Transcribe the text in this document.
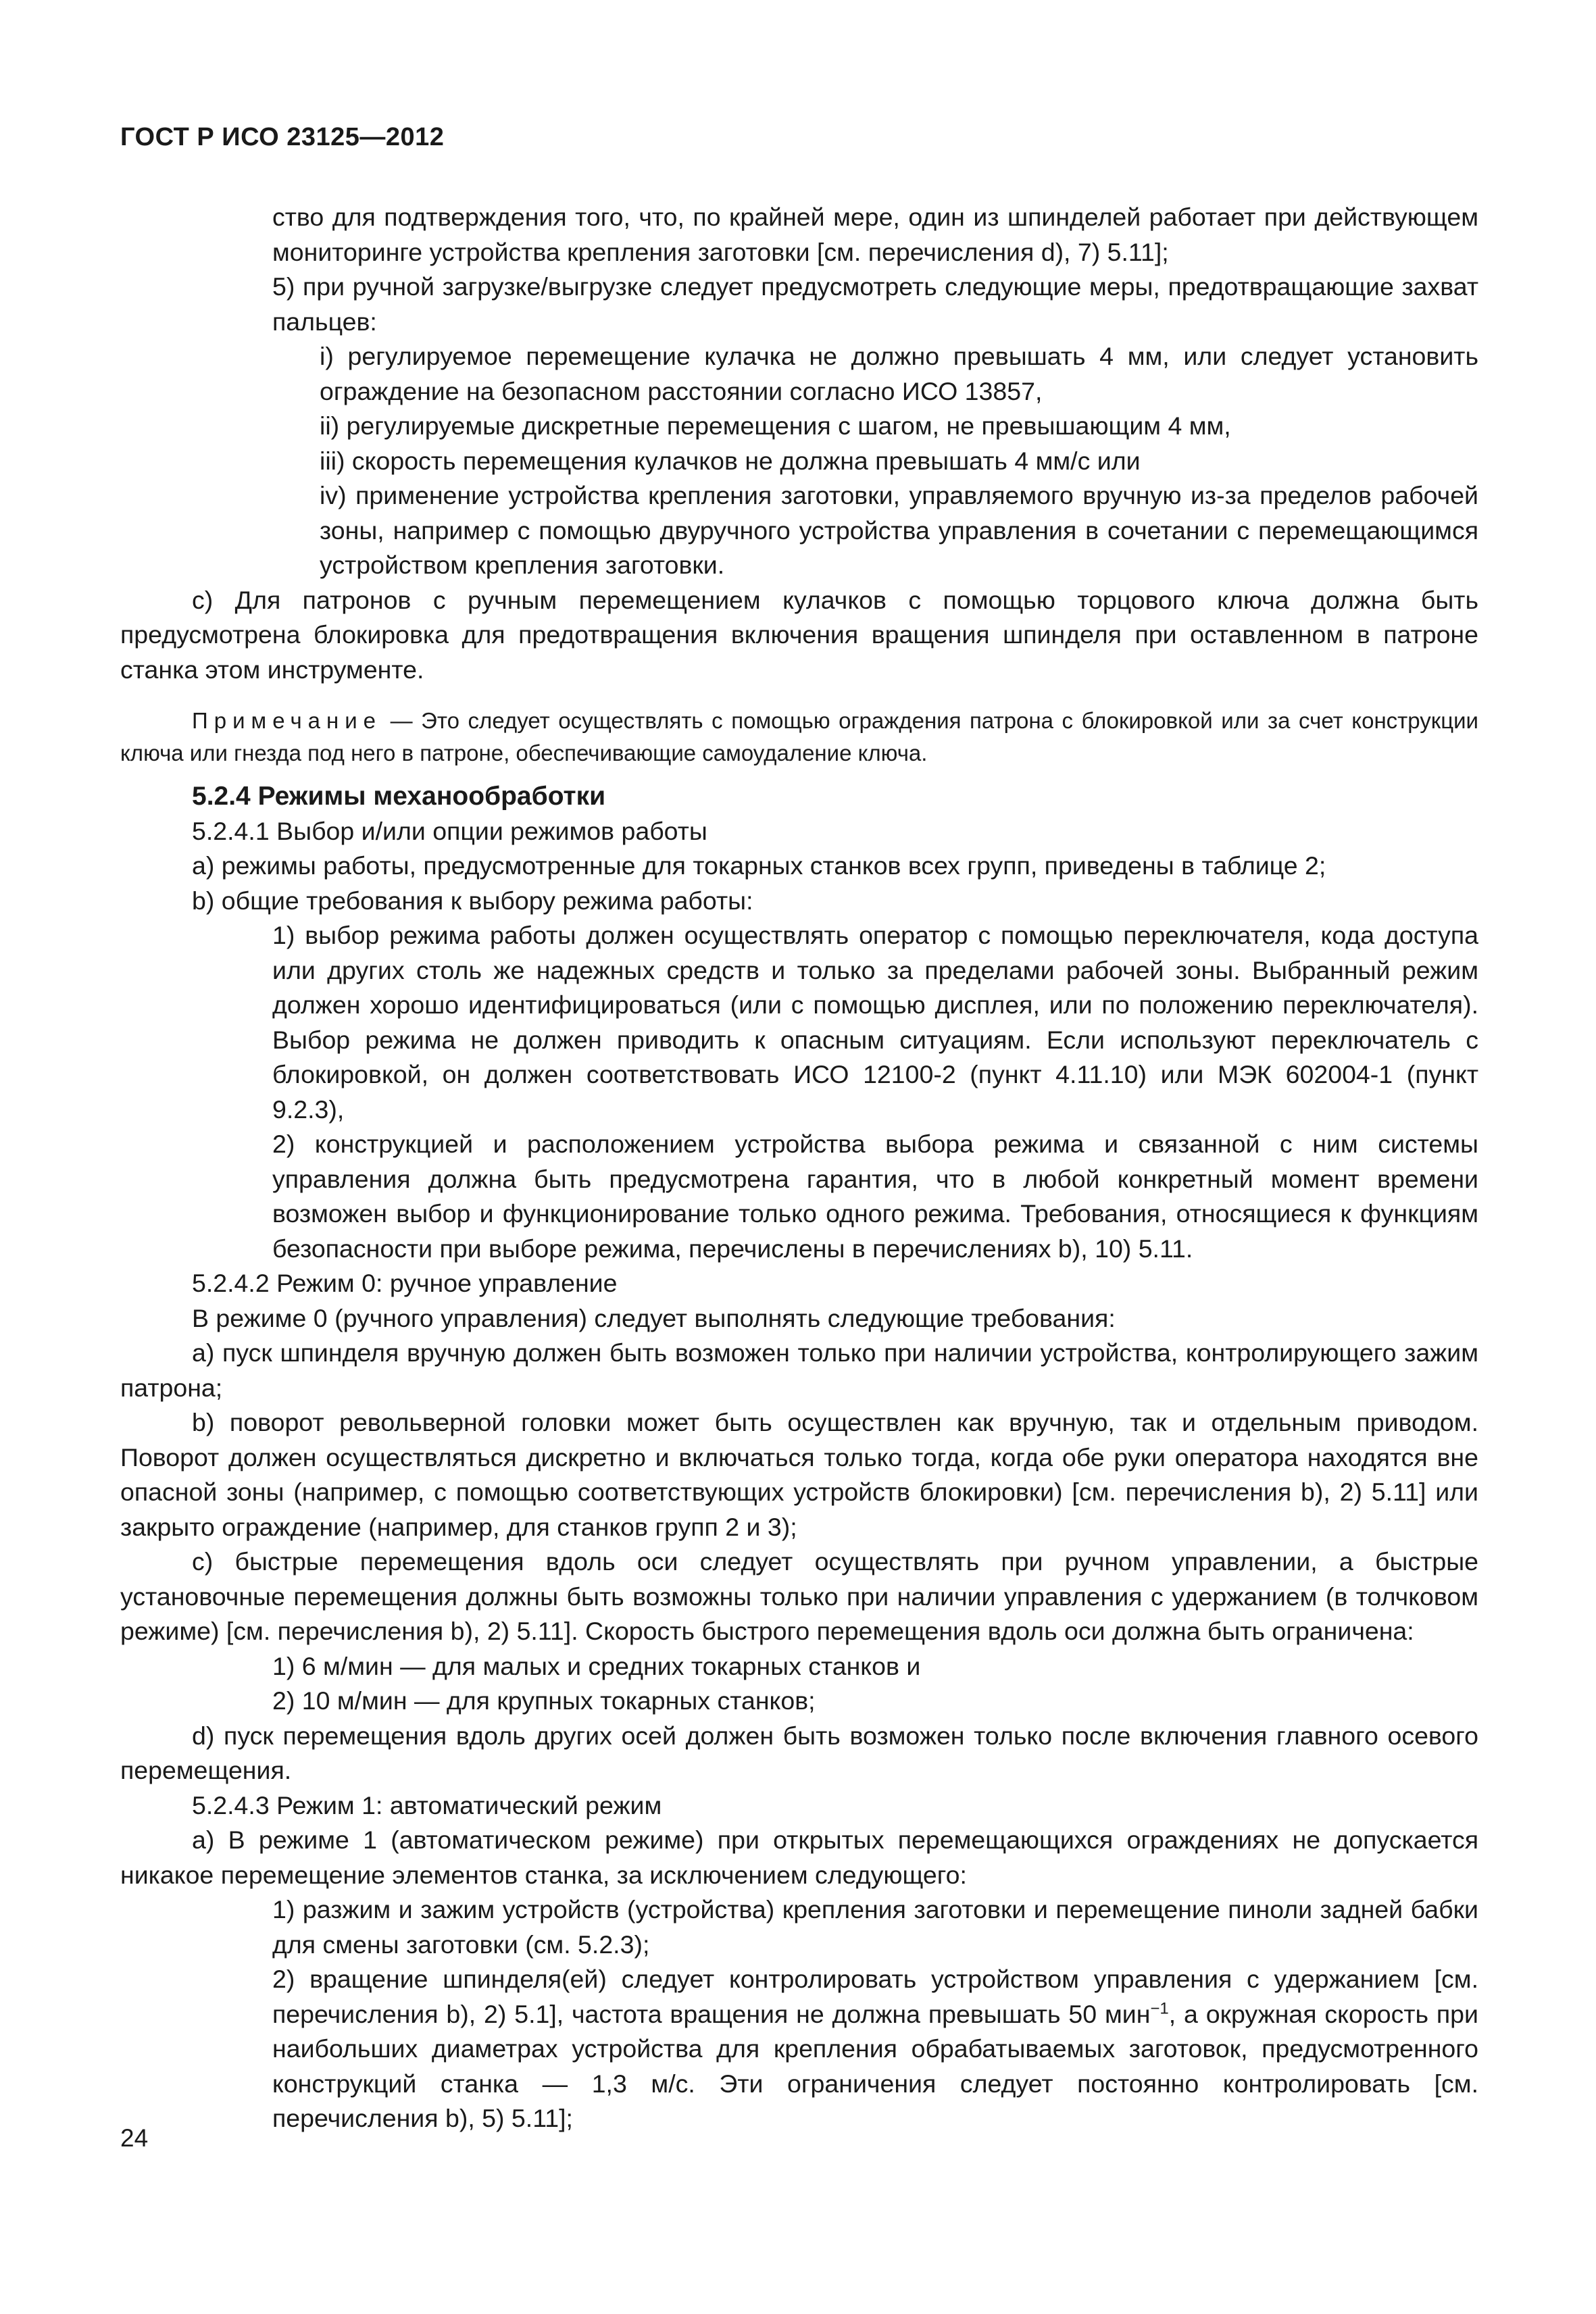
ГОСТ Р ИСО 23125—2012

ство для подтверждения того, что, по крайней мере, один из шпинделей работает при действующем мониторинге устройства крепления заготовки [см. перечисления d), 7) 5.11];

5) при ручной загрузке/выгрузке следует предусмотреть следующие меры, предотвращающие захват пальцев:

i) регулируемое перемещение кулачка не должно превышать 4 мм, или следует установить ограждение на безопасном расстоянии согласно ИСО 13857,

ii) регулируемые дискретные перемещения с шагом, не превышающим 4 мм,

iii) скорость перемещения кулачков не должна превышать 4 мм/с или

iv) применение устройства крепления заготовки, управляемого вручную из-за пределов рабочей зоны, например с помощью двуручного устройства управления в сочетании с перемещающимся устройством крепления заготовки.

с) Для патронов с ручным перемещением кулачков с помощью торцового ключа должна быть предусмотрена блокировка для предотвращения включения вращения шпинделя при оставленном в патроне станка этом инструменте.

Примечание — Это следует осуществлять с помощью ограждения патрона с блокировкой или за счет конструкции ключа или гнезда под него в патроне, обеспечивающие самоудаление ключа.

5.2.4 Режимы механообработки

5.2.4.1 Выбор и/или опции режимов работы

а) режимы работы, предусмотренные для токарных станков всех групп, приведены в таблице 2;

b) общие требования к выбору режима работы:

1) выбор режима работы должен осуществлять оператор с помощью переключателя, кода доступа или других столь же надежных средств и только за пределами рабочей зоны. Выбранный режим должен хорошо идентифицироваться (или с помощью дисплея, или по положению переключателя). Выбор режима не должен приводить к опасным ситуациям. Если используют переключатель с блокировкой, он должен соответствовать ИСО 12100-2 (пункт 4.11.10) или МЭК 602004-1 (пункт 9.2.3),

2) конструкцией и расположением устройства выбора режима и связанной с ним системы управления должна быть предусмотрена гарантия, что в любой конкретный момент времени возможен выбор и функционирование только одного режима. Требования, относящиеся к функциям безопасности при выборе режима, перечислены в перечислениях b), 10) 5.11.

5.2.4.2 Режим 0: ручное управление

В режиме 0 (ручного управления) следует выполнять следующие требования:

а) пуск шпинделя вручную должен быть возможен только при наличии устройства, контролирующего зажим патрона;

b) поворот револьверной головки может быть осуществлен как вручную, так и отдельным приводом. Поворот должен осуществляться дискретно и включаться только тогда, когда обе руки оператора находятся вне опасной зоны (например, с помощью соответствующих устройств блокировки) [см. перечисления b), 2) 5.11] или закрыто ограждение (например, для станков групп 2 и 3);

с) быстрые перемещения вдоль оси следует осуществлять при ручном управлении, а быстрые установочные перемещения должны быть возможны только при наличии управления с удержанием (в толчковом режиме) [см. перечисления b), 2) 5.11]. Скорость быстрого перемещения вдоль оси должна быть ограничена:

1) 6 м/мин — для малых и средних токарных станков и

2) 10 м/мин — для крупных токарных станков;

d) пуск перемещения вдоль других осей должен быть возможен только после включения главного осевого перемещения.

5.2.4.3 Режим 1: автоматический режим

а) В режиме 1 (автоматическом режиме) при открытых перемещающихся ограждениях не допускается никакое перемещение элементов станка, за исключением следующего:

1) разжим и зажим устройств (устройства) крепления заготовки и перемещение пиноли задней бабки для смены заготовки (см. 5.2.3);

2) вращение шпинделя(ей) следует контролировать устройством управления с удержанием [см. перечисления b), 2) 5.1], частота вращения не должна превышать 50 мин$^{-1}$, а окружная скорость при наибольших диаметрах устройства для крепления обрабатываемых заготовок, предусмотренного конструкций станка — 1,3 м/с. Эти ограничения следует постоянно контролировать [см. перечисления b), 5) 5.11];

24
